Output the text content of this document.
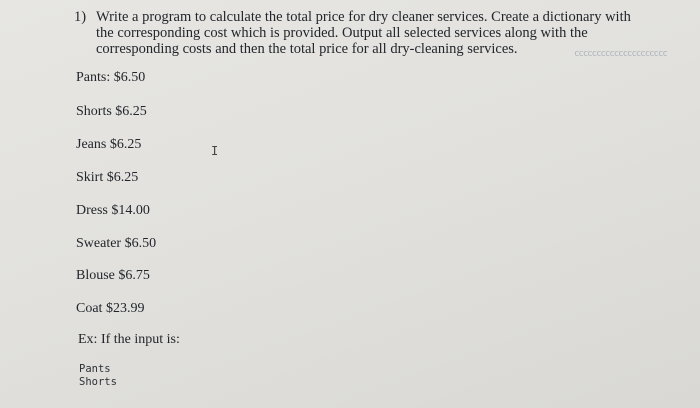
1) Write a program to calculate the total price for dry cleaner services. Create a dictionary with
the corresponding cost which is provided. Output all selected services along with the
corresponding costs and then the total price for all dry-cleaning services.	ccccccccccccccccccccc
I
Pants: $6.50
Shorts $6.25
Jeans $6.25
Skirt $6.25
Dress $14.00
Sweater $6.50
Blouse $6.75
Coat $23.99
Ex: If the input is:
Pants
Shorts
